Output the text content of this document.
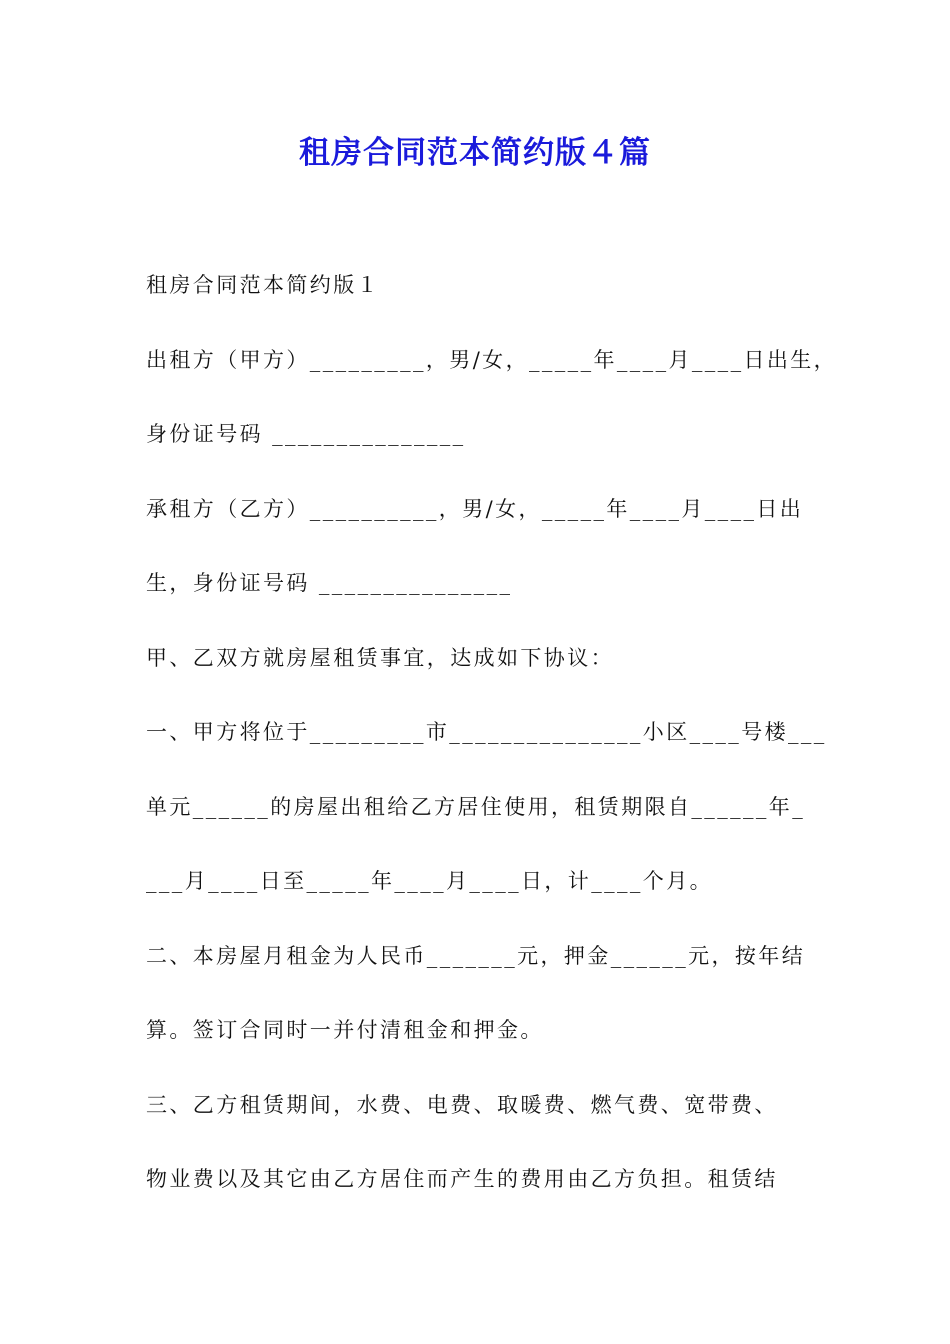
租房合同范本简约版４篇

租房合同范本简约版１

出租方（甲方）_________，男/女，_____年____月____日出生，

身份证号码 _______________

承租方（乙方）__________，男/女，_____年____月____日出

生，身份证号码 _______________

甲、乙双方就房屋租赁事宜，达成如下协议：

一、甲方将位于_________市_______________小区____号楼___

单元______的房屋出租给乙方居住使用，租赁期限自______年_

___月____日至_____年____月____日，计____个月。

二、本房屋月租金为人民币_______元，押金______元，按年结

算。签订合同时一并付清租金和押金。

三、乙方租赁期间，水费、电费、取暖费、燃气费、宽带费、

物业费以及其它由乙方居住而产生的费用由乙方负担。租赁结
